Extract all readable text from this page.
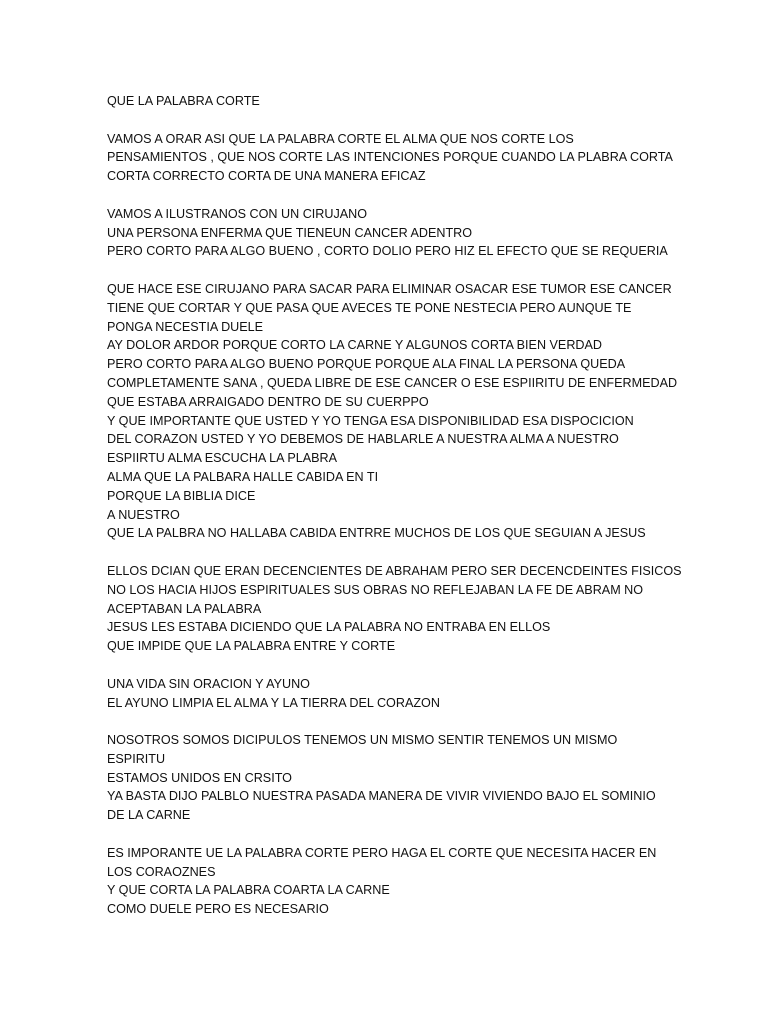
QUE LA PALABRA CORTE
VAMOS A ORAR ASI QUE LA PALABRA CORTE EL ALMA QUE NOS CORTE LOS
PENSAMIENTOS , QUE NOS CORTE LAS INTENCIONES PORQUE CUANDO LA PLABRA CORTA
CORTA CORRECTO CORTA DE UNA MANERA EFICAZ
VAMOS A ILUSTRANOS CON UN CIRUJANO
UNA PERSONA ENFERMA QUE TIENEUN CANCER ADENTRO
PERO CORTO PARA ALGO BUENO , CORTO DOLIO PERO HIZ EL EFECTO QUE SE REQUERIA
QUE HACE ESE CIRUJANO PARA SACAR PARA ELIMINAR OSACAR ESE TUMOR ESE CANCER
TIENE QUE CORTAR Y QUE PASA QUE AVECES TE PONE NESTECIA PERO AUNQUE TE
PONGA NECESTIA DUELE
AY DOLOR ARDOR PORQUE CORTO LA CARNE Y ALGUNOS CORTA BIEN VERDAD
PERO CORTO PARA ALGO BUENO PORQUE PORQUE ALA FINAL LA PERSONA QUEDA
COMPLETAMENTE SANA , QUEDA LIBRE DE ESE CANCER O ESE ESPIIRITU DE ENFERMEDAD
QUE ESTABA ARRAIGADO DENTRO DE SU CUERPPO
Y QUE IMPORTANTE QUE USTED Y YO TENGA ESA DISPONIBILIDAD ESA DISPOCICION
DEL CORAZON USTED Y YO DEBEMOS DE HABLARLE A NUESTRA ALMA A NUESTRO
ESPIIRTU ALMA ESCUCHA LA PLABRA
ALMA QUE LA PALBARA HALLE CABIDA EN TI
PORQUE LA BIBLIA DICE
A NUESTRO
QUE LA PALBRA NO HALLABA CABIDA ENTRRE MUCHOS DE LOS QUE SEGUIAN A JESUS
ELLOS DCIAN QUE ERAN DECENCIENTES DE ABRAHAM PERO SER DECENCDEINTES FISICOS
NO LOS HACIA HIJOS ESPIRITUALES SUS OBRAS NO REFLEJABAN LA FE DE ABRAM NO
ACEPTABAN LA PALABRA
JESUS LES ESTABA DICIENDO QUE LA PALABRA NO ENTRABA EN ELLOS
QUE IMPIDE QUE LA PALABRA ENTRE Y CORTE
UNA VIDA SIN ORACION Y AYUNO
EL AYUNO LIMPIA EL ALMA Y LA TIERRA DEL CORAZON
NOSOTROS SOMOS DICIPULOS TENEMOS UN MISMO SENTIR TENEMOS UN MISMO
ESPIRITU
ESTAMOS UNIDOS EN CRSITO
YA BASTA DIJO PALBLO NUESTRA PASADA MANERA DE VIVIR VIVIENDO BAJO EL SOMINIO
DE LA CARNE
ES IMPORANTE UE LA PALABRA CORTE PERO HAGA EL CORTE QUE NECESITA HACER EN
LOS CORAOZNES
Y QUE CORTA LA PALABRA COARTA LA CARNE
COMO DUELE PERO ES NECESARIO
